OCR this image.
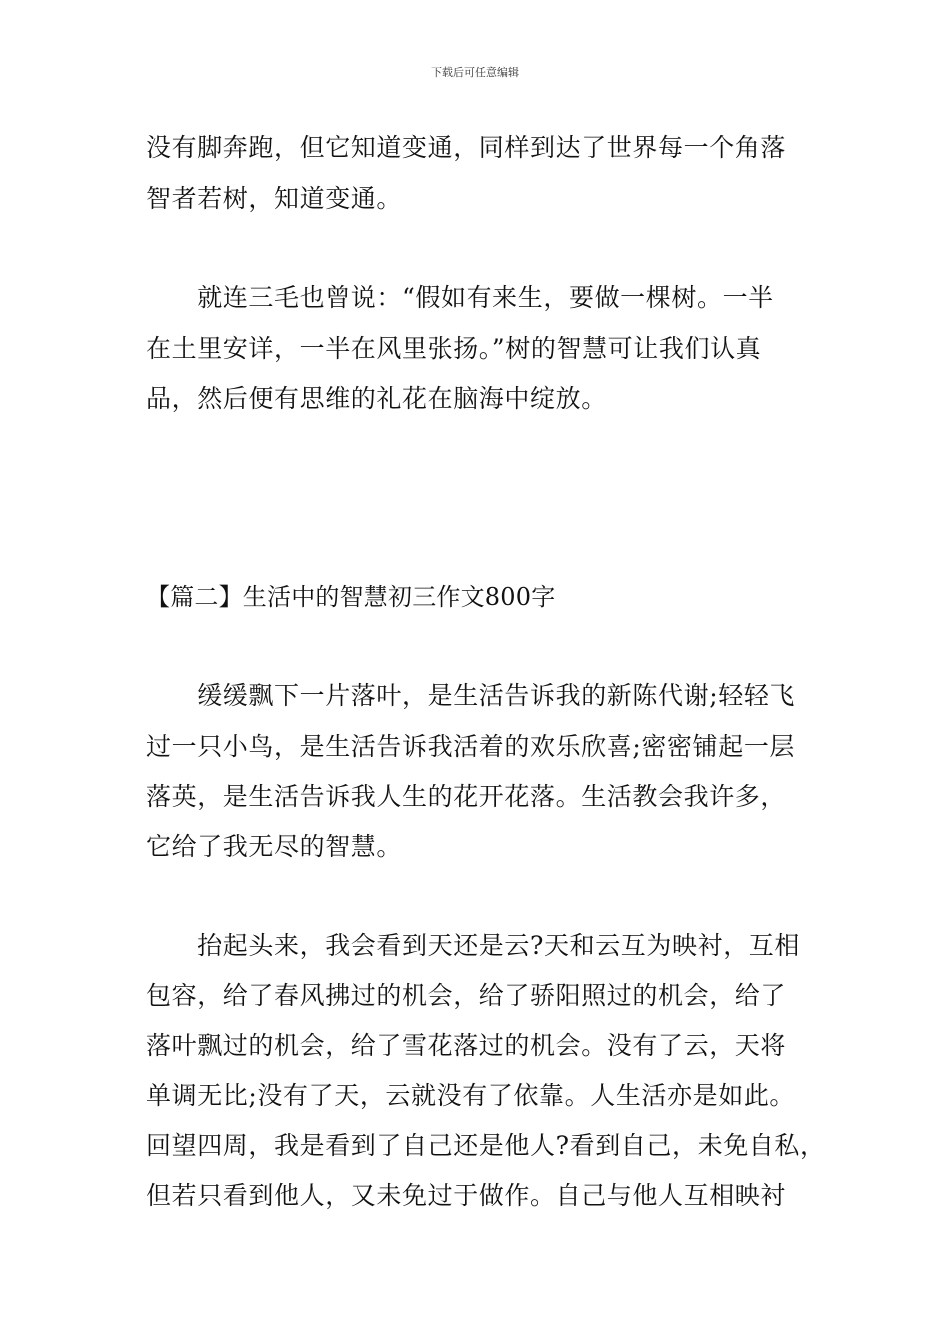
下载后可任意编辑
没有脚奔跑，但它知道变通，同样到达了世界每一个角落
智者若树，知道变通。
　　就连三毛也曾说：“假如有来生，要做一棵树。一半
在土里安详，一半在风里张扬。”树的智慧可让我们认真
品，然后便有思维的礼花在脑海中绽放。
【篇二】生活中的智慧初三作文800字
　　缓缓飘下一片落叶，是生活告诉我的新陈代谢;轻轻飞
过一只小鸟，是生活告诉我活着的欢乐欣喜;密密铺起一层
落英，是生活告诉我人生的花开花落。生活教会我许多，
它给了我无尽的智慧。
　　抬起头来，我会看到天还是云?天和云互为映衬，互相
包容，给了春风拂过的机会，给了骄阳照过的机会，给了
落叶飘过的机会，给了雪花落过的机会。没有了云，天将
单调无比;没有了天，云就没有了依靠。人生活亦是如此。
回望四周，我是看到了自己还是他人?看到自己，未免自私，
但若只看到他人，又未免过于做作。自己与他人互相映衬
